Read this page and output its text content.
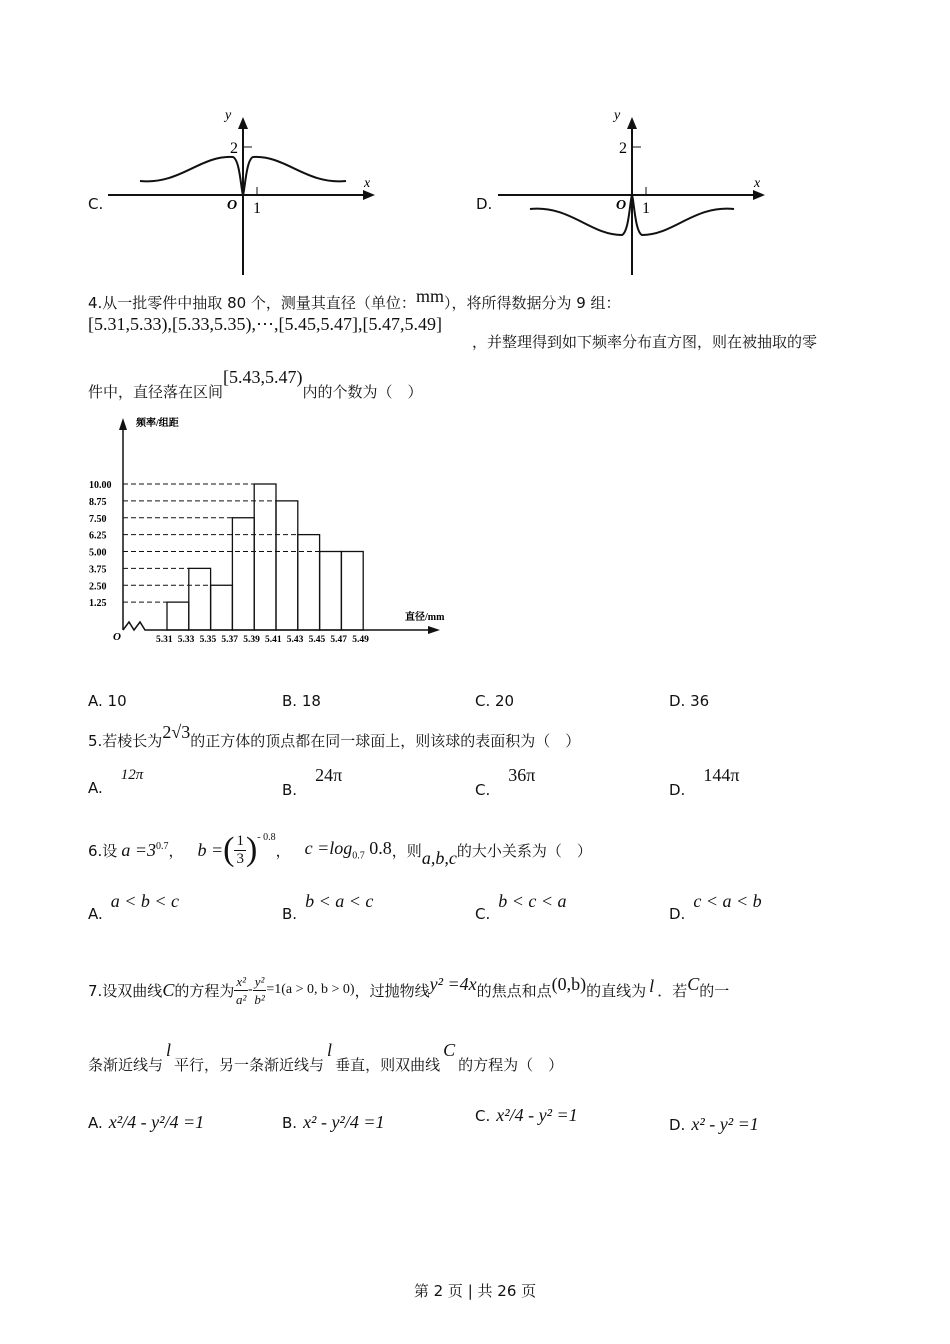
C.
y
x
O 1
2
D.
y
x
O 1
2
4.从一批零件中抽取 80 个，测量其直径（单位：mm），将所得数据分为 9 组：
[5.31,5.33),[5.33,5.35),⋯,[5.45,5.47],[5.47,5.49]
，并整理得到如下频率分布直方图，则在被抽取的零
件中，直径落在区间[5.43,5.47)内的个数为（　）
频率/组距
直径/mm
O
1.25
2.50
3.75
5.00
6.25
7.50
8.75
10.00
5.31 5.33 5.35 5.37 5.39 5.41 5.43 5.45 5.47 5.49
A. 10	B. 18	C. 20	D. 36
5.若棱长为2√3的正方体的顶点都在同一球面上，则该球的表面积为（　）
A.12π
B.24π
C.36π
D.144π
6.设 $a =3^{0.7}$ ， b = ( $\frac{1}{3} )^{- 0.8}$
， $c =\log_{0.7}$ 0.8 ，则 a,b,c 的大小关系为（　）
A.a < b < c
B.b < a < c
C.b < c < a
D.c < a < b
7.设双曲线 C 的方程为 $\frac{\text{x²}}{\text{a²}} - \frac{\text{y²}}{\text{b²}} =1(a > 0$, b > 0) ，过抛物线 y² =4x 的焦点和点 (0,b) 的直线为 l ．若 C 的一
条渐近线与l平行，另一条渐近线与l垂直，则双曲线C的方程为（　）
A. x²/4 - y²/4 =1	B. x² - y²/4 =1	C. x²/4 - y² =1	D. x² - y² =1
第 2 页 | 共 26 页
